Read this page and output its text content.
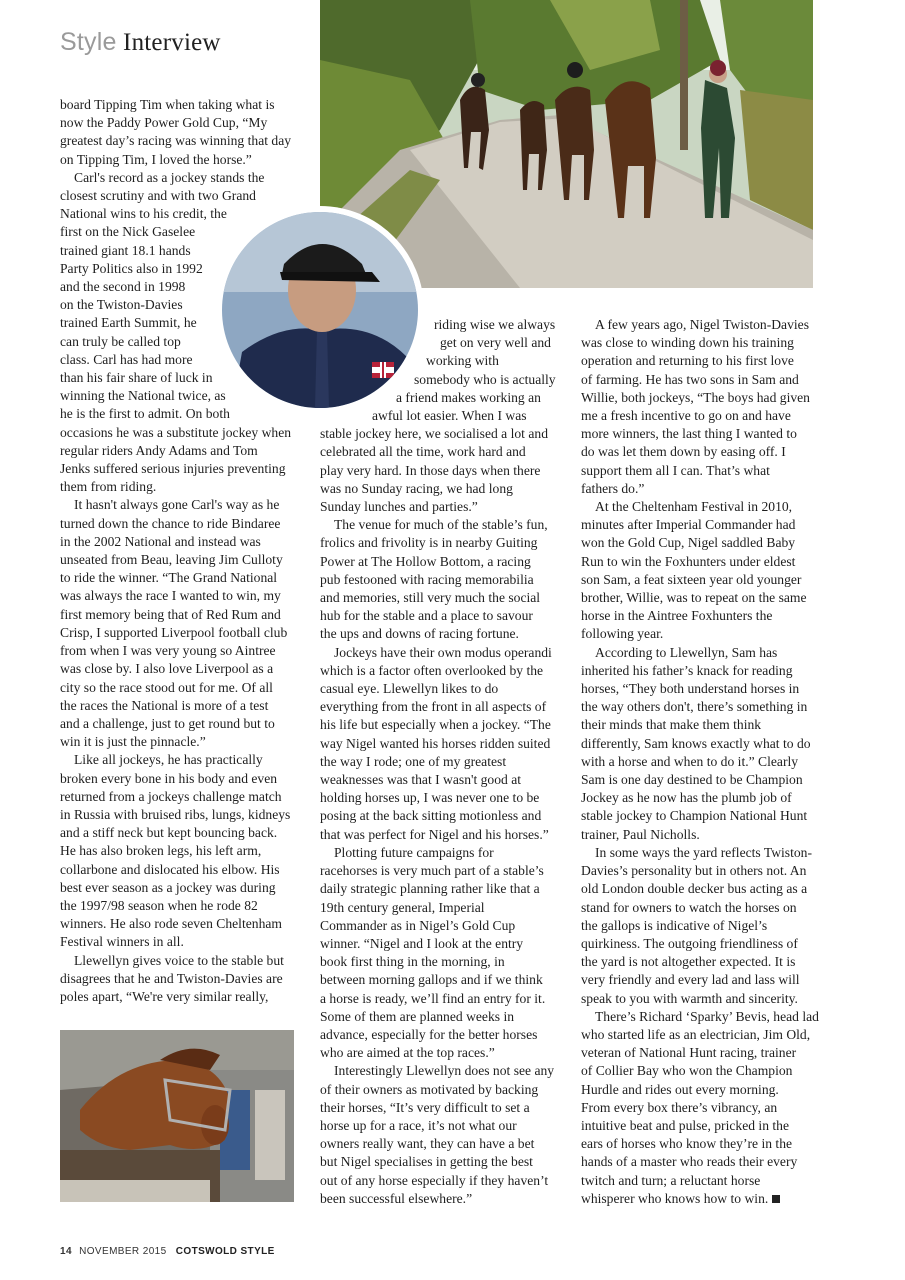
Style Interview
board Tipping Tim when taking what is
now the Paddy Power Gold Cup, “My
greatest day’s racing was winning that day
on Tipping Tim, I loved the horse.”
Carl's record as a jockey stands the
closest scrutiny and with two Grand
National wins to his credit, the
first on the Nick Gaselee
trained giant 18.1 hands
Party Politics also in 1992
and the second in 1998
on the Twiston-Davies
trained Earth Summit, he
can truly be called top
class. Carl has had more
than his fair share of luck in
winning the National twice, as
he is the first to admit. On both
occasions he was a substitute jockey when
regular riders Andy Adams and Tom
Jenks suffered serious injuries preventing
them from riding.
It hasn't always gone Carl's way as he
turned down the chance to ride Bindaree
in the 2002 National and instead was
unseated from Beau, leaving Jim Culloty
to ride the winner. “The Grand National
was always the race I wanted to win, my
first memory being that of Red Rum and
Crisp, I supported Liverpool football club
from when I was very young so Aintree
was close by. I also love Liverpool as a
city so the race stood out for me. Of all
the races the National is more of a test
and a challenge, just to get round but to
win it is just the pinnacle.”
Like all jockeys, he has practically
broken every bone in his body and even
returned from a jockeys challenge match
in Russia with bruised ribs, lungs, kidneys
and a stiff neck but kept bouncing back.
He has also broken legs, his left arm,
collarbone and dislocated his elbow. His
best ever season as a jockey was during
the 1997/98 season when he rode 82
winners. He also rode seven Cheltenham
Festival winners in all.
Llewellyn gives voice to the stable but
disagrees that he and Twiston-Davies are
poles apart, “We're very similar really,
riding wise we always
get on very well and
working with
somebody who is actually
a friend makes working an
awful lot easier. When I was
stable jockey here, we socialised a lot and
celebrated all the time, work hard and
play very hard. In those days when there
was no Sunday racing, we had long
Sunday lunches and parties.”
The venue for much of the stable’s fun,
frolics and frivolity is in nearby Guiting
Power at The Hollow Bottom, a racing
pub festooned with racing memorabilia
and memories, still very much the social
hub for the stable and a place to savour
the ups and downs of racing fortune.
Jockeys have their own modus operandi
which is a factor often overlooked by the
casual eye. Llewellyn likes to do
everything from the front in all aspects of
his life but especially when a jockey. “The
way Nigel wanted his horses ridden suited
the way I rode; one of my greatest
weaknesses was that I wasn't good at
holding horses up, I was never one to be
posing at the back sitting motionless and
that was perfect for Nigel and his horses.”
Plotting future campaigns for
racehorses is very much part of a stable’s
daily strategic planning rather like that a
19th century general, Imperial
Commander as in Nigel’s Gold Cup
winner. “Nigel and I look at the entry
book first thing in the morning, in
between morning gallops and if we think
a horse is ready, we’ll find an entry for it.
Some of them are planned weeks in
advance, especially for the better horses
who are aimed at the top races.”
Interestingly Llewellyn does not see any
of their owners as motivated by backing
their horses, “It’s very difficult to set a
horse up for a race, it’s not what our
owners really want, they can have a bet
but Nigel specialises in getting the best
out of any horse especially if they haven’t
been successful elsewhere.”
A few years ago, Nigel Twiston-Davies
was close to winding down his training
operation and returning to his first love
of farming. He has two sons in Sam and
Willie, both jockeys, “The boys had given
me a fresh incentive to go on and have
more winners, the last thing I wanted to
do was let them down by easing off. I
support them all I can. That’s what
fathers do.”
At the Cheltenham Festival in 2010,
minutes after Imperial Commander had
won the Gold Cup, Nigel saddled Baby
Run to win the Foxhunters under eldest
son Sam, a feat sixteen year old younger
brother, Willie, was to repeat on the same
horse in the Aintree Foxhunters the
following year.
According to Llewellyn, Sam has
inherited his father’s knack for reading
horses, “They both understand horses in
the way others don't, there’s something in
their minds that make them think
differently, Sam knows exactly what to do
with a horse and when to do it.” Clearly
Sam is one day destined to be Champion
Jockey as he now has the plumb job of
stable jockey to Champion National Hunt
trainer, Paul Nicholls.
In some ways the yard reflects Twiston-
Davies’s personality but in others not. An
old London double decker bus acting as a
stand for owners to watch the horses on
the gallops is indicative of Nigel’s
quirkiness. The outgoing friendliness of
the yard is not altogether expected. It is
very friendly and every lad and lass will
speak to you with warmth and sincerity.
There’s Richard ‘Sparky’ Bevis, head lad
who started life as an electrician, Jim Old,
veteran of National Hunt racing, trainer
of Collier Bay who won the Champion
Hurdle and rides out every morning.
From every box there’s vibrancy, an
intuitive beat and pulse, pricked in the
ears of horses who know they’re in the
hands of a master who reads their every
twitch and turn; a reluctant horse
whisperer who knows how to win.
14 NOVEMBER 2015 COTSWOLD STYLE
